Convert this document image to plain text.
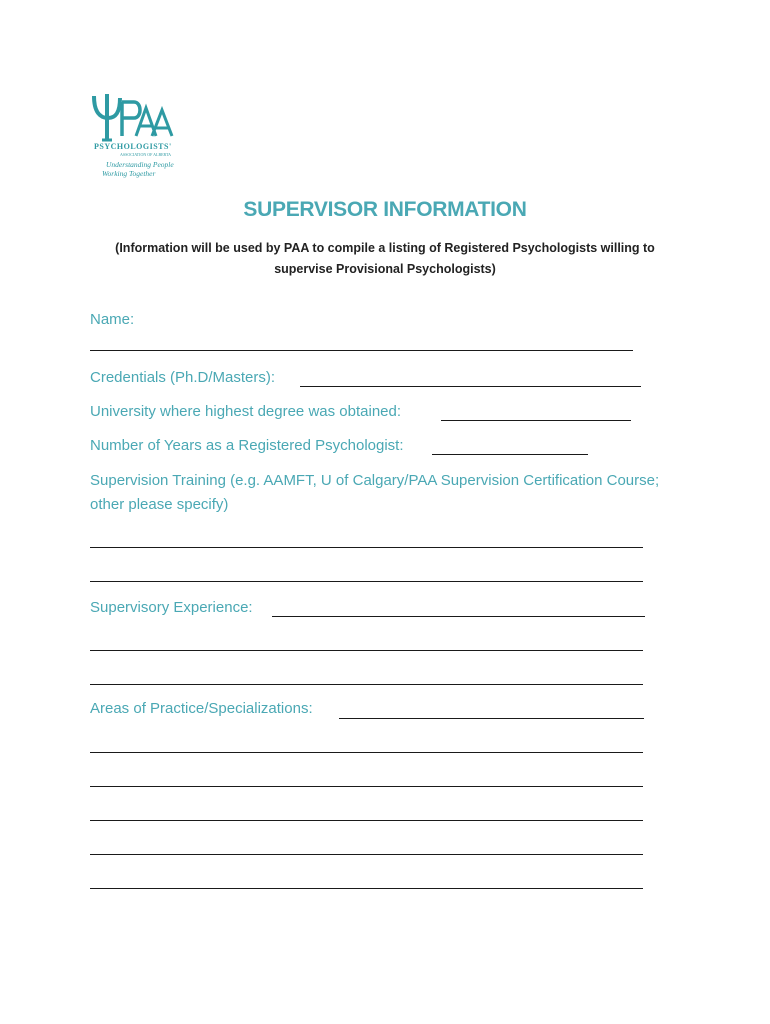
PSYCHOLOGISTS'
ASSOCIATION OF ALBERTA
Understanding People
Working Together
SUPERVISOR INFORMATION
(Information will be used by PAA to compile a listing of Registered Psychologists willing to supervise Provisional Psychologists)
Name:
Credentials (Ph.D/Masters):
University where highest degree was obtained:
Number of Years as a Registered Psychologist:
Supervision Training (e.g. AAMFT, U of Calgary/PAA Supervision Certification Course; other please specify)
Supervisory Experience:
Areas of Practice/Specializations:
